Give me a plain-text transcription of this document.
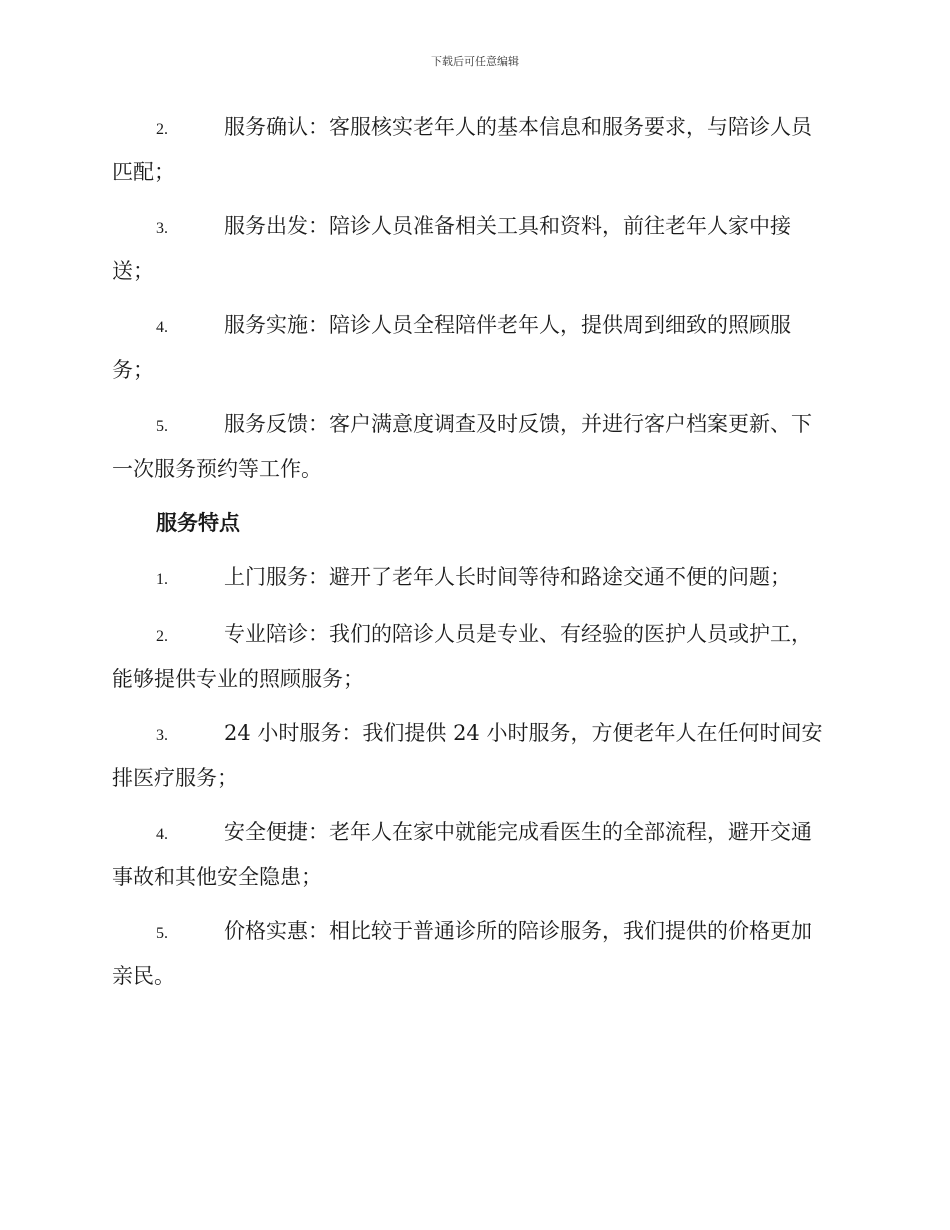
下载后可任意编辑
2.	服务确认：客服核实老年人的基本信息和服务要求，与陪诊人员
匹配；
3.	服务出发：陪诊人员准备相关工具和资料，前往老年人家中接
送；
4.	服务实施：陪诊人员全程陪伴老年人，提供周到细致的照顾服
务；
5.	服务反馈：客户满意度调查及时反馈，并进行客户档案更新、下
一次服务预约等工作。
服务特点
1.	上门服务：避开了老年人长时间等待和路途交通不便的问题；
2.	专业陪诊：我们的陪诊人员是专业、有经验的医护人员或护工，
能够提供专业的照顾服务；
3.	24 小时服务：我们提供 24 小时服务，方便老年人在任何时间安
排医疗服务；
4.	安全便捷：老年人在家中就能完成看医生的全部流程，避开交通
事故和其他安全隐患；
5.	价格实惠：相比较于普通诊所的陪诊服务，我们提供的价格更加
亲民。
